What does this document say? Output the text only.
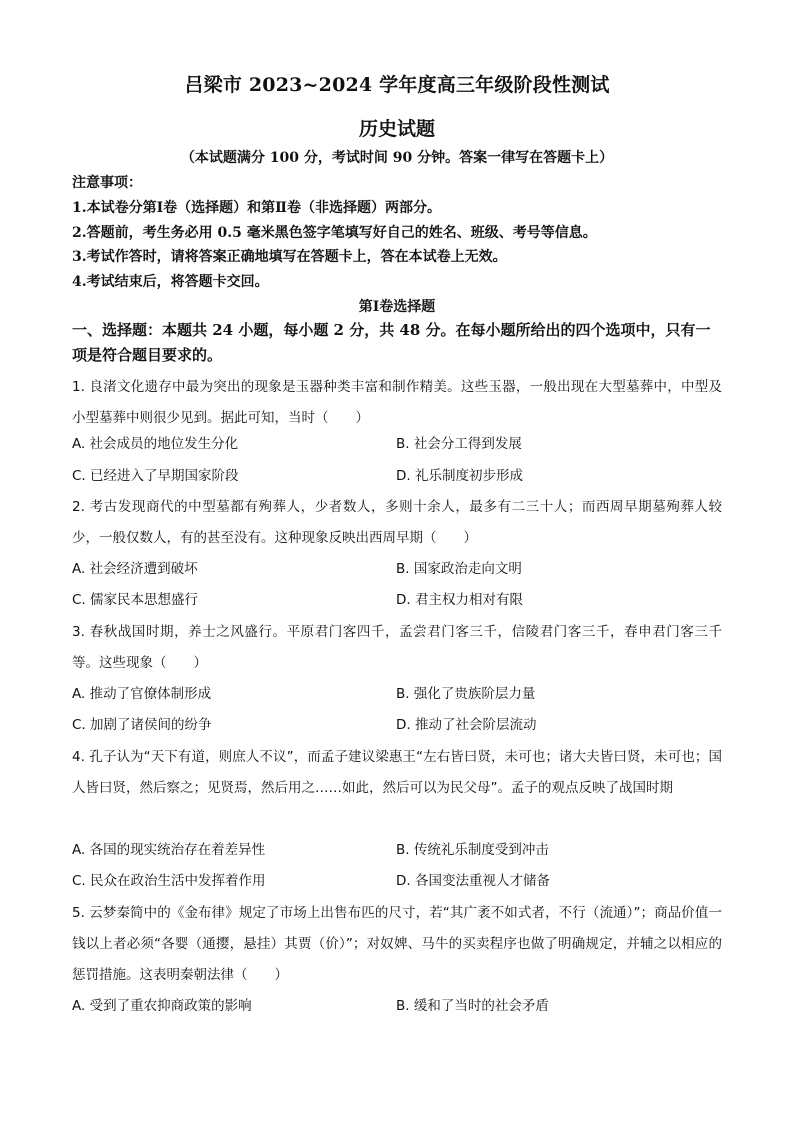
吕梁市 2023~2024 学年度高三年级阶段性测试
历史试题
（本试题满分 100 分，考试时间 90 分钟。答案一律写在答题卡上）
注意事项：
1.本试卷分第Ⅰ卷（选择题）和第Ⅱ卷（非选择题）两部分。
2.答题前，考生务必用 0.5 毫米黑色签字笔填写好自己的姓名、班级、考号等信息。
3.考试作答时，请将答案正确地填写在答题卡上，答在本试卷上无效。
4.考试结束后，将答题卡交回。
第Ⅰ卷选择题
一、选择题：本题共 24 小题，每小题 2 分，共 48 分。在每小题所给出的四个选项中，只有一项是符合题目要求的。
1. 良渚文化遗存中最为突出的现象是玉器种类丰富和制作精美。这些玉器，一般出现在大型墓葬中，中型及小型墓葬中则很少见到。据此可知，当时（　　）
A. 社会成员的地位发生分化	B. 社会分工得到发展
C. 已经进入了早期国家阶段	D. 礼乐制度初步形成
2. 考古发现商代的中型墓都有殉葬人，少者数人，多则十余人，最多有二三十人；而西周早期墓殉葬人较少，一般仅数人，有的甚至没有。这种现象反映出西周早期（　　）
A. 社会经济遭到破坏	B. 国家政治走向文明
C. 儒家民本思想盛行	D. 君主权力相对有限
3. 春秋战国时期，养士之风盛行。平原君门客四千，孟尝君门客三千，信陵君门客三千，春申君门客三千等。这些现象（　　）
A. 推动了官僚体制形成	B. 强化了贵族阶层力量
C. 加剧了诸侯间的纷争	D. 推动了社会阶层流动
4. 孔子认为“天下有道，则庶人不议”，而孟子建议梁惠王“左右皆曰贤，未可也；诸大夫皆曰贤，未可也；国人皆曰贤，然后察之；见贤焉，然后用之……如此，然后可以为民父母”。孟子的观点反映了战国时期
A. 各国的现实统治存在着差异性	B. 传统礼乐制度受到冲击
C. 民众在政治生活中发挥着作用	D. 各国变法重视人才储备
5. 云梦秦简中的《金布律》规定了市场上出售布匹的尺寸，若“其广袤不如式者，不行（流通）”；商品价值一钱以上者必须“各婴（通撄，悬挂）其贾（价）”；对奴婢、马牛的买卖程序也做了明确规定，并辅之以相应的惩罚措施。这表明秦朝法律（　　）
A. 受到了重农抑商政策的影响	B. 缓和了当时的社会矛盾
